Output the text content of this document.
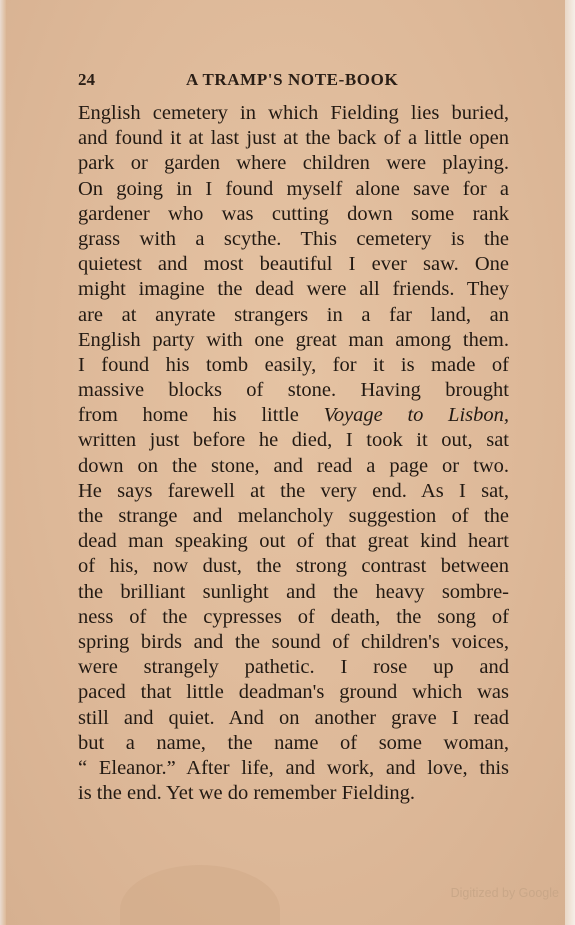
24	A TRAMP'S NOTE-BOOK
English cemetery in which Fielding lies buried,
and found it at last just at the back of a little open
park or garden where children were playing.
On going in I found myself alone save for a
gardener who was cutting down some rank
grass with a scythe. This cemetery is the
quietest and most beautiful I ever saw. One
might imagine the dead were all friends. They
are at anyrate strangers in a far land, an
English party with one great man among them.
I found his tomb easily, for it is made of
massive blocks of stone. Having brought
from home his little Voyage to Lisbon,
written just before he died, I took it out, sat
down on the stone, and read a page or two.
He says farewell at the very end. As I sat,
the strange and melancholy suggestion of the
dead man speaking out of that great kind heart
of his, now dust, the strong contrast between
the brilliant sunlight and the heavy sombre-
ness of the cypresses of death, the song of
spring birds and the sound of children's voices,
were strangely pathetic. I rose up and
paced that little deadman's ground which was
still and quiet. And on another grave I read
but a name, the name of some woman,
“ Eleanor.” After life, and work, and love, this
is the end. Yet we do remember Fielding.
Digitized by Google
